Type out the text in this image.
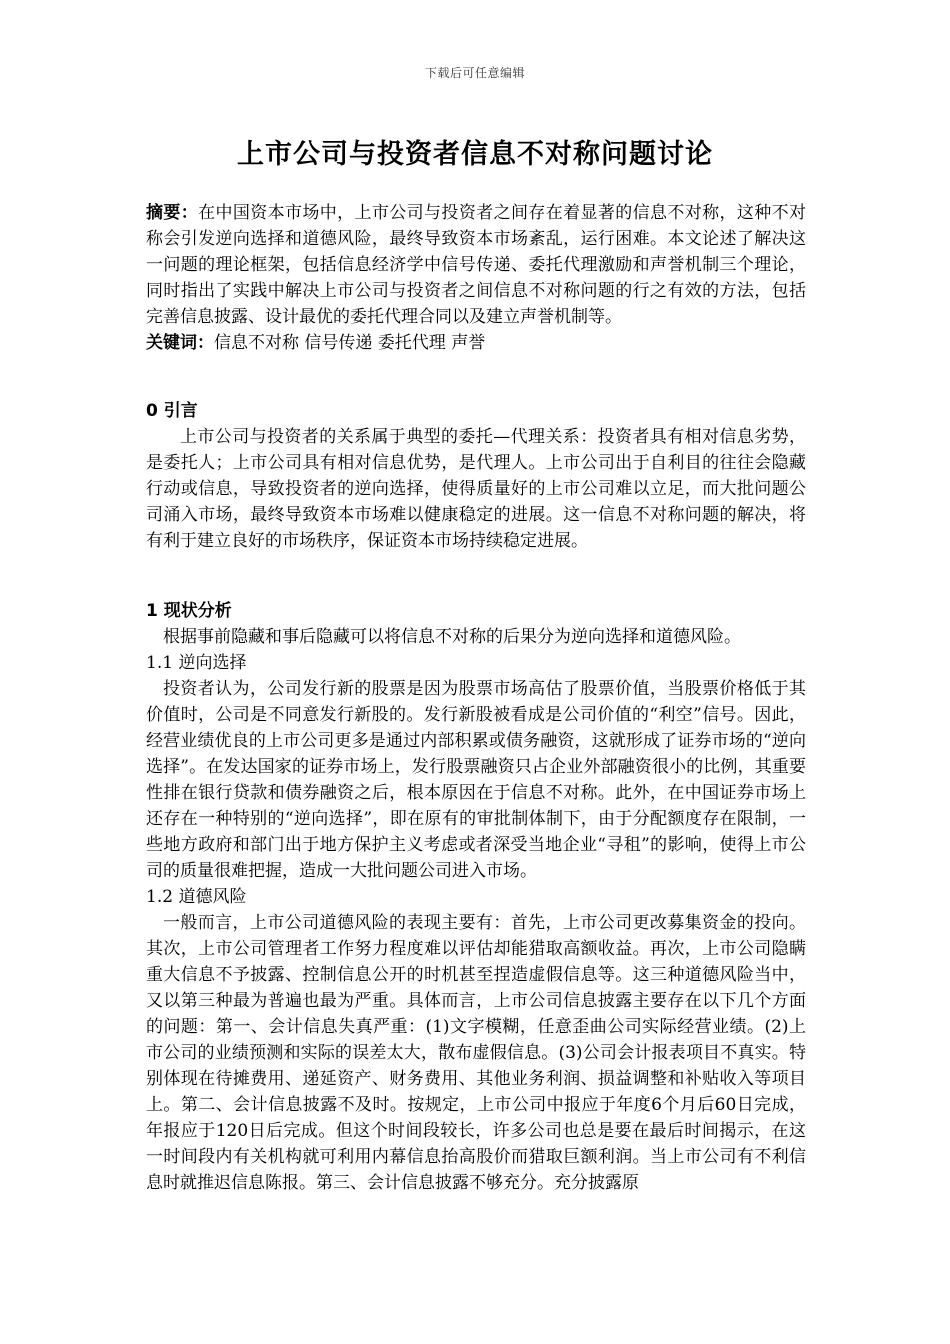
下载后可任意编辑
上市公司与投资者信息不对称问题讨论

摘要：在中国资本市场中，上市公司与投资者之间存在着显著的信息不对称，这种不对称会引发逆向选择和道德风险，最终导致资本市场紊乱，运行困难。本文论述了解决这一问题的理论框架，包括信息经济学中信号传递、委托代理激励和声誉机制三个理论，同时指出了实践中解决上市公司与投资者之间信息不对称问题的行之有效的方法，包括完善信息披露、设计最优的委托代理合同以及建立声誉机制等。

关键词：信息不对称 信号传递 委托代理 声誉

0 引言

上市公司与投资者的关系属于典型的委托—代理关系：投资者具有相对信息劣势，是委托人；上市公司具有相对信息优势，是代理人。上市公司出于自利目的往往会隐藏行动或信息，导致投资者的逆向选择，使得质量好的上市公司难以立足，而大批问题公司涌入市场，最终导致资本市场难以健康稳定的进展。这一信息不对称问题的解决，将有利于建立良好的市场秩序，保证资本市场持续稳定进展。

1 现状分析

根据事前隐藏和事后隐藏可以将信息不对称的后果分为逆向选择和道德风险。

1.1 逆向选择

投资者认为，公司发行新的股票是因为股票市场高估了股票价值，当股票价格低于其价值时，公司是不同意发行新股的。发行新股被看成是公司价值的“利空”信号。因此，经营业绩优良的上市公司更多是通过内部积累或债务融资，这就形成了证券市场的“逆向选择”。在发达国家的证券市场上，发行股票融资只占企业外部融资很小的比例，其重要性排在银行贷款和债券融资之后，根本原因在于信息不对称。此外，在中国证券市场上还存在一种特别的“逆向选择”，即在原有的审批制体制下，由于分配额度存在限制，一些地方政府和部门出于地方保护主义考虑或者深受当地企业“寻租”的影响，使得上市公司的质量很难把握，造成一大批问题公司进入市场。

1.2 道德风险

一般而言，上市公司道德风险的表现主要有：首先，上市公司更改募集资金的投向。其次，上市公司管理者工作努力程度难以评估却能猎取高额收益。再次，上市公司隐瞒重大信息不予披露、控制信息公开的时机甚至捏造虚假信息等。这三种道德风险当中，又以第三种最为普遍也最为严重。具体而言，上市公司信息披露主要存在以下几个方面的问题：第一、会计信息失真严重：(1)文字模糊，任意歪曲公司实际经营业绩。(2)上市公司的业绩预测和实际的误差太大，散布虚假信息。(3)公司会计报表项目不真实。特别体现在待摊费用、递延资产、财务费用、其他业务利润、损益调整和补贴收入等项目上。第二、会计信息披露不及时。按规定，上市公司中报应于年度6个月后60日完成，年报应于120日后完成。但这个时间段较长，许多公司也总是要在最后时间揭示，在这一时间段内有关机构就可利用内幕信息抬高股价而猎取巨额利润。当上市公司有不利信息时就推迟信息陈报。第三、会计信息披露不够充分。充分披露原
